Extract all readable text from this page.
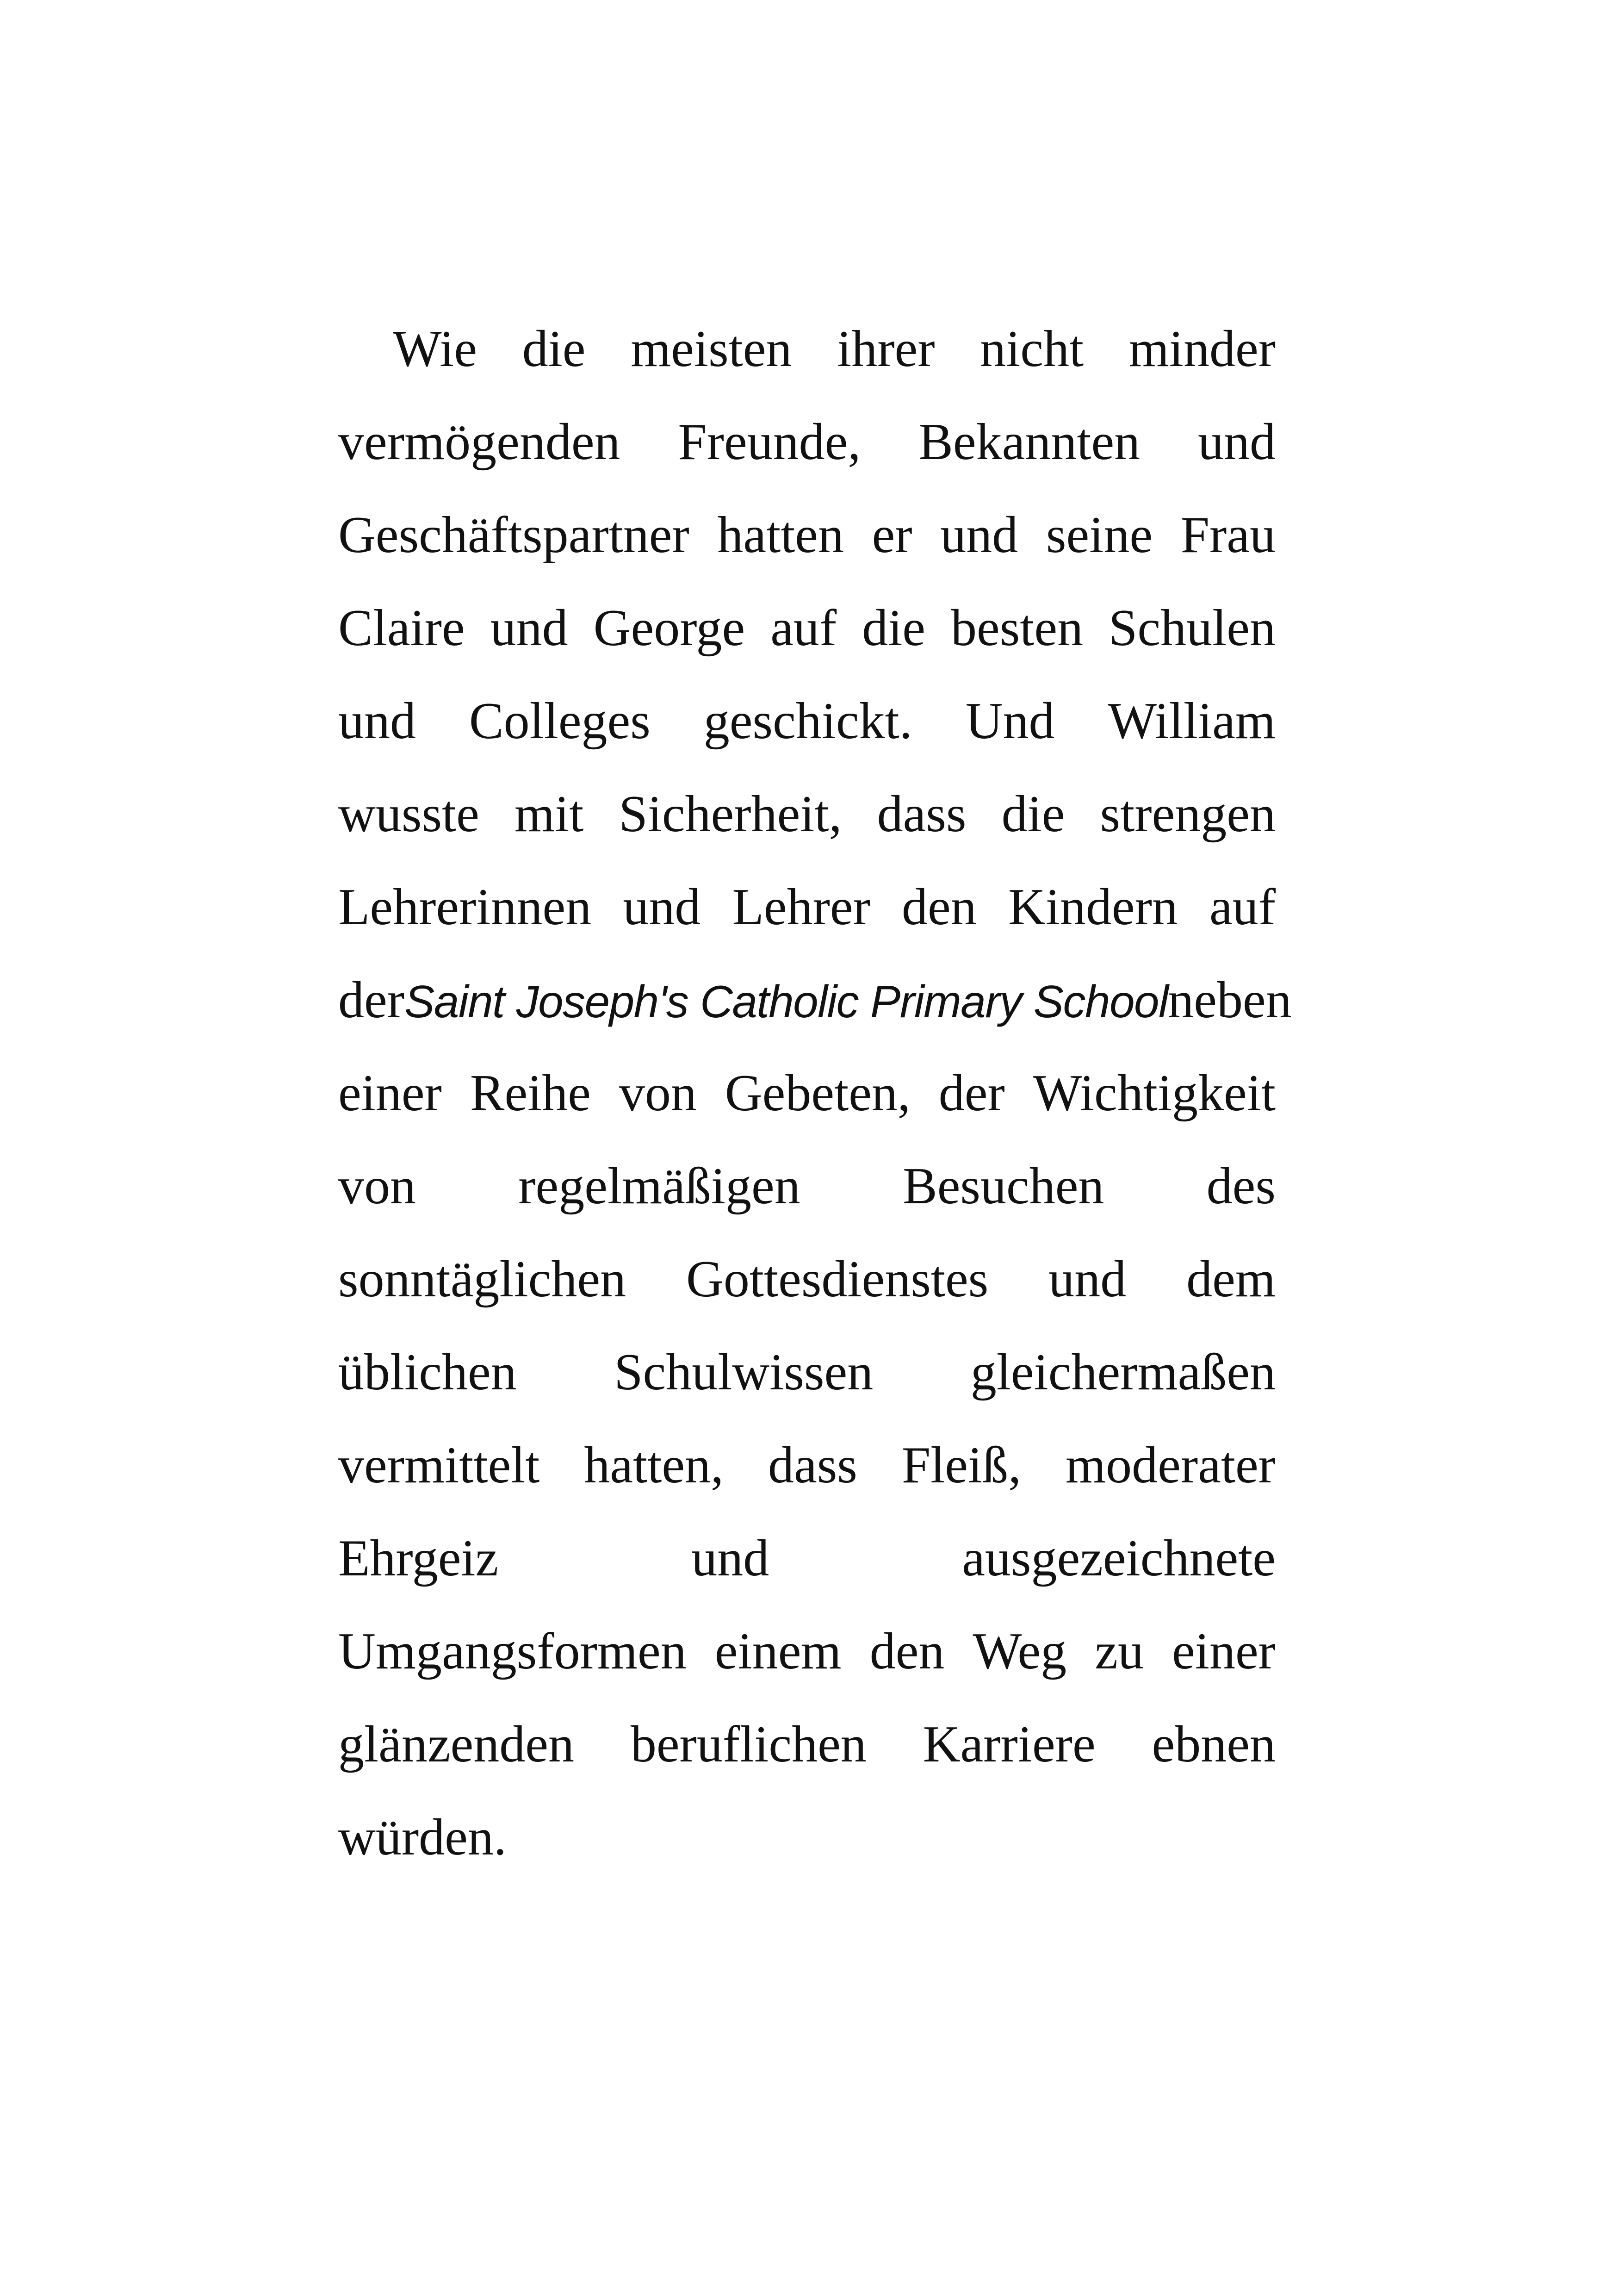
Wie die meisten ihrer nicht minder
vermögenden Freunde, Bekannten und
Geschäftspartner hatten er und seine Frau
Claire und George auf die besten Schulen
und Colleges geschickt. Und William
wusste mit Sicherheit, dass die strengen
Lehrerinnen und Lehrer den Kindern auf
der Saint Joseph's Catholic Primary School neben
einer Reihe von Gebeten, der Wichtigkeit
von regelmäßigen Besuchen des
sonntäglichen Gottesdienstes und dem
üblichen Schulwissen gleichermaßen
vermittelt hatten, dass Fleiß, moderater
Ehrgeiz	und	ausgezeichnete
Umgangsformen einem den Weg zu einer
glänzenden beruflichen Karriere ebnen
würden.
